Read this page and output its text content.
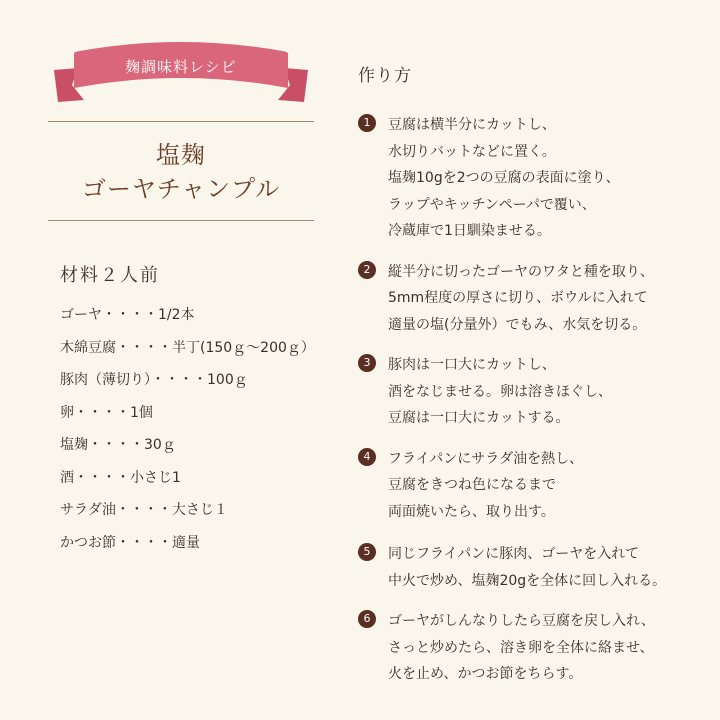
麹調味料レシピ
塩麹
ゴーヤチャンプル
材料２人前
ゴーヤ・・・・1/2本
木綿豆腐・・・・半丁(150ｇ～200ｇ）
豚肉（薄切り）・・・・100ｇ
卵・・・・1個
塩麹・・・・30ｇ
酒・・・・小さじ1
サラダ油・・・・大さじ１
かつお節・・・・適量
作り方
1	豆腐は横半分にカットし、
水切りバットなどに置く。
塩麹10gを2つの豆腐の表面に塗り、
ラップやキッチンペーパで覆い、
冷蔵庫で1日馴染ませる。
2	縦半分に切ったゴーヤのワタと種を取り、
5mm程度の厚さに切り、ボウルに入れて
適量の塩(分量外）でもみ、水気を切る。
3	豚肉は一口大にカットし、
酒をなじませる。卵は溶きほぐし、
豆腐は一口大にカットする。
4	フライパンにサラダ油を熱し、
豆腐をきつね色になるまで
両面焼いたら、取り出す。
5	同じフライパンに豚肉、ゴーヤを入れて
中火で炒め、塩麹20gを全体に回し入れる。
6	ゴーヤがしんなりしたら豆腐を戻し入れ、
さっと炒めたら、溶き卵を全体に絡ませ、
火を止め、かつお節をちらす。
